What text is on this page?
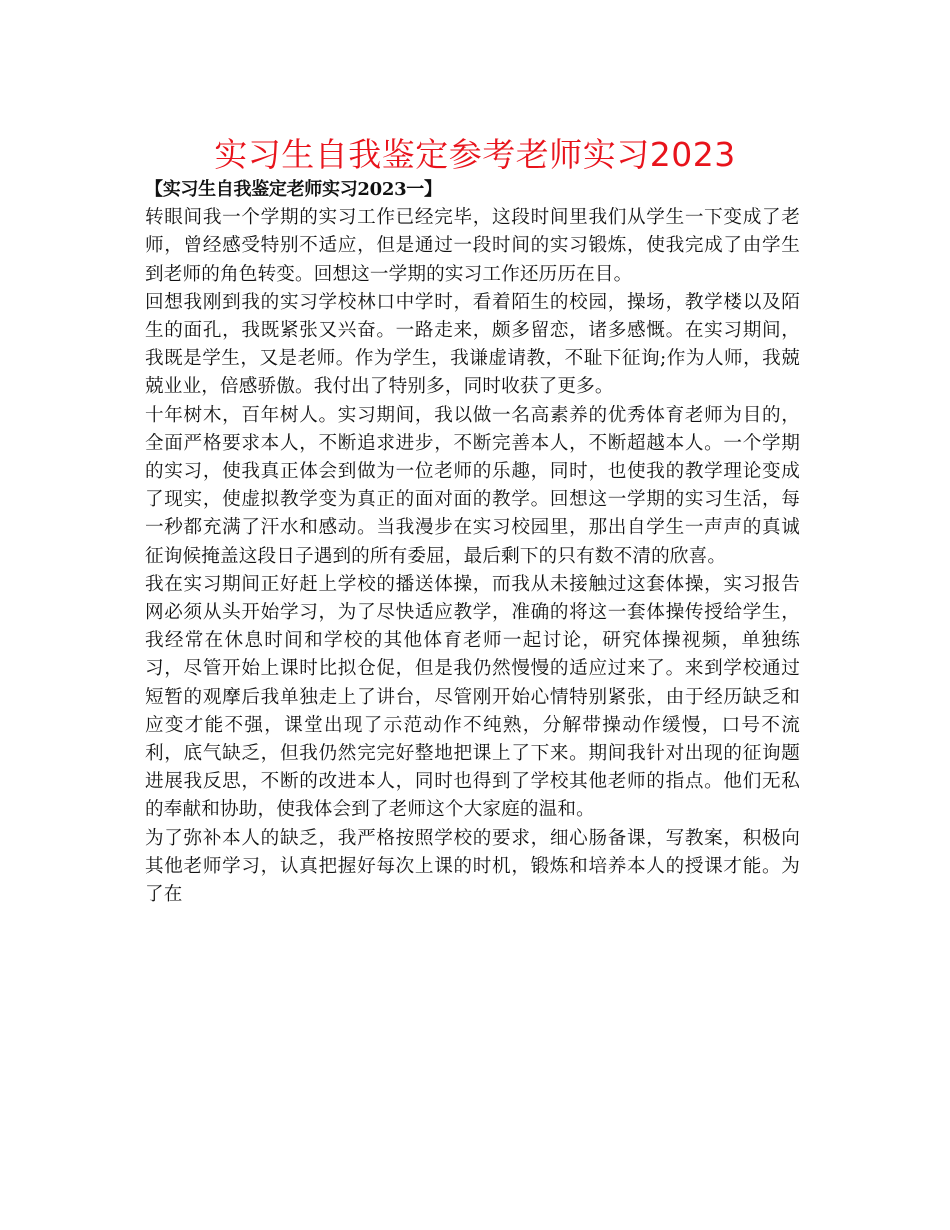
实习生自我鉴定参考老师实习2023

【实习生自我鉴定老师实习2023一】

转眼间我一个学期的实习工作已经完毕，这段时间里我们从学生一下变成了老师，曾经感受特别不适应，但是通过一段时间的实习锻炼，使我完成了由学生到老师的角色转变。回想这一学期的实习工作还历历在目。

回想我刚到我的实习学校林口中学时，看着陌生的校园，操场，教学楼以及陌生的面孔，我既紧张又兴奋。一路走来，颇多留恋，诸多感慨。在实习期间，我既是学生，又是老师。作为学生，我谦虚请教，不耻下征询;作为人师，我兢兢业业，倍感骄傲。我付出了特别多，同时收获了更多。

十年树木，百年树人。实习期间，我以做一名高素养的优秀体育老师为目的，全面严格要求本人，不断追求进步，不断完善本人，不断超越本人。一个学期的实习，使我真正体会到做为一位老师的乐趣，同时，也使我的教学理论变成了现实，使虚拟教学变为真正的面对面的教学。回想这一学期的实习生活，每一秒都充满了汗水和感动。当我漫步在实习校园里，那出自学生一声声的真诚征询候掩盖这段日子遇到的所有委屈，最后剩下的只有数不清的欣喜。

我在实习期间正好赶上学校的播送体操，而我从未接触过这套体操，实习报告网必须从头开始学习，为了尽快适应教学，准确的将这一套体操传授给学生，我经常在休息时间和学校的其他体育老师一起讨论，研究体操视频，单独练习，尽管开始上课时比拟仓促，但是我仍然慢慢的适应过来了。来到学校通过短暂的观摩后我单独走上了讲台，尽管刚开始心情特别紧张，由于经历缺乏和应变才能不强，课堂出现了示范动作不纯熟，分解带操动作缓慢，口号不流利，底气缺乏，但我仍然完完好整地把课上了下来。期间我针对出现的征询题进展我反思，不断的改进本人，同时也得到了学校其他老师的指点。他们无私的奉献和协助，使我体会到了老师这个大家庭的温和。

为了弥补本人的缺乏，我严格按照学校的要求，细心肠备课，写教案，积极向其他老师学习，认真把握好每次上课的时机，锻炼和培养本人的授课才能。为了在
